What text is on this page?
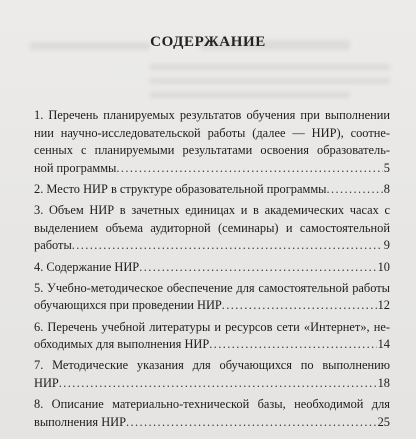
СОДЕРЖАНИЕ
1. Перечень планируемых результатов обучения при выполнении
нии научно-исследовательской работы (далее — НИР), соотне-
сенных с планируемыми результатами освоения образователь-
ной программы .....	5
2. Место НИР в структуре образовательной программы .....	8
3. Объем НИР в зачетных единицах и в академических часах с
выделением объема аудиторной (семинары) и самостоятельной
работы .....	9
4. Содержание НИР .....	10
5. Учебно-методическое обеспечение для самостоятельной работы
обучающихся при проведении НИР .....	12
6. Перечень учебной литературы и ресурсов сети «Интернет», не-
обходимых для выполнения НИР .....	14
7. Методические указания для обучающихся по выполнению
НИР .....	18
8. Описание материально-технической базы, необходимой для
выполнения НИР .....	25
